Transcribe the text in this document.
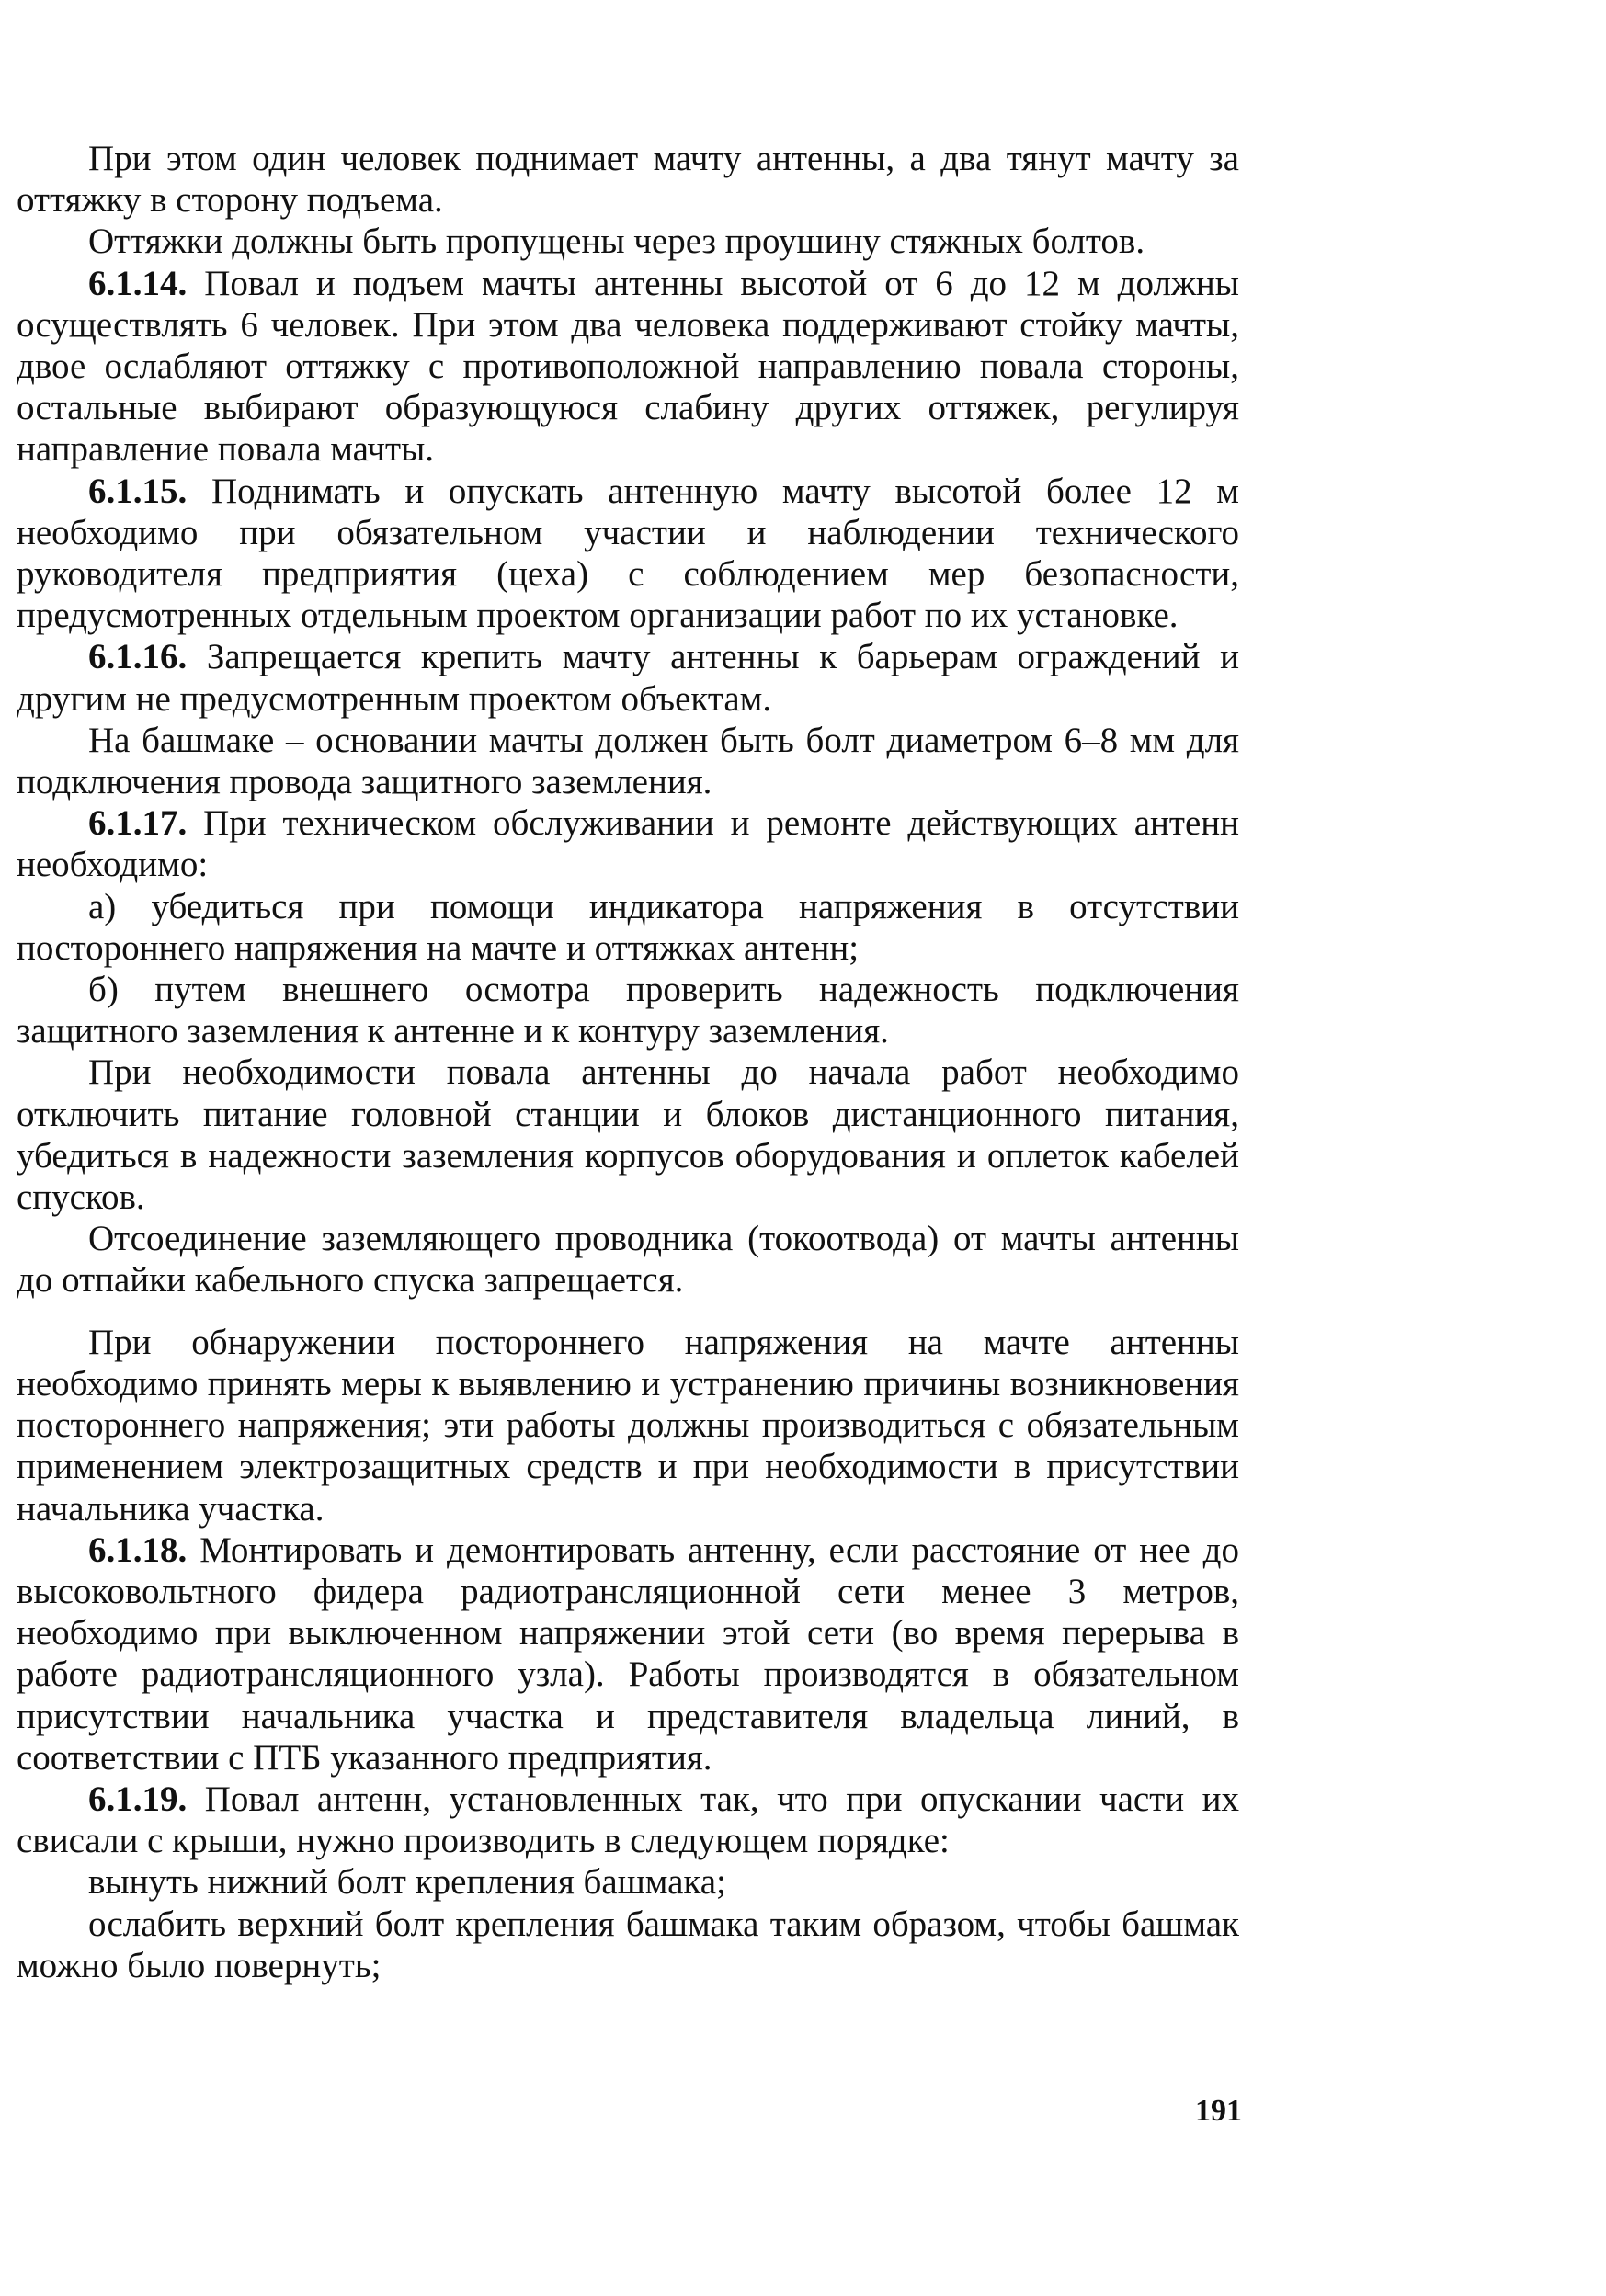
При этом один человек поднимает мачту антенны, а два тянут мачту за оттяжку в сторону подъема.

Оттяжки должны быть пропущены через проушину стяжных болтов.

6.1.14. Повал и подъем мачты антенны высотой от 6 до 12 м должны осуществлять 6 человек. При этом два человека поддерживают стойку мачты, двое ослабляют оттяжку с противоположной направлению повала стороны, остальные выбирают образующуюся слабину других оттяжек, регулируя направление повала мачты.

6.1.15. Поднимать и опускать антенную мачту высотой более 12 м необходимо при обязательном участии и наблюдении технического руководителя предприятия (цеха) с соблюдением мер безопасности, предусмотренных отдельным проектом организации работ по их установке.

6.1.16. Запрещается крепить мачту антенны к барьерам ограждений и другим не предусмотренным проектом объектам.

На башмаке – основании мачты должен быть болт диаметром 6–8 мм для подключения провода защитного заземления.

6.1.17. При техническом обслуживании и ремонте действующих антенн необходимо:

а) убедиться при помощи индикатора напряжения в отсутствии постороннего напряжения на мачте и оттяжках антенн;

б) путем внешнего осмотра проверить надежность подключения защитного заземления к антенне и к контуру заземления.

При необходимости повала антенны до начала работ необходимо отключить питание головной станции и блоков дистанционного питания, убедиться в надежности заземления корпусов оборудования и оплеток кабелей спусков.

Отсоединение заземляющего проводника (токоотвода) от мачты антенны до отпайки кабельного спуска запрещается.

При обнаружении постороннего напряжения на мачте антенны необходимо принять меры к выявлению и устранению причины возникновения постороннего напряжения; эти работы должны производиться с обязательным применением электрозащитных средств и при необходимости в присутствии начальника участка.

6.1.18. Монтировать и демонтировать антенну, если расстояние от нее до высоковольтного фидера радиотрансляционной сети менее 3 метров, необходимо при выключенном напряжении этой сети (во время перерыва в работе радиотрансляционного узла). Работы производятся в обязательном присутствии начальника участка и представителя владельца линий, в соответствии с ПТБ указанного предприятия.

6.1.19. Повал антенн, установленных так, что при опускании части их свисали с крыши, нужно производить в следующем порядке:

вынуть нижний болт крепления башмака;

ослабить верхний болт крепления башмака таким образом, чтобы башмак можно было повернуть;

191
